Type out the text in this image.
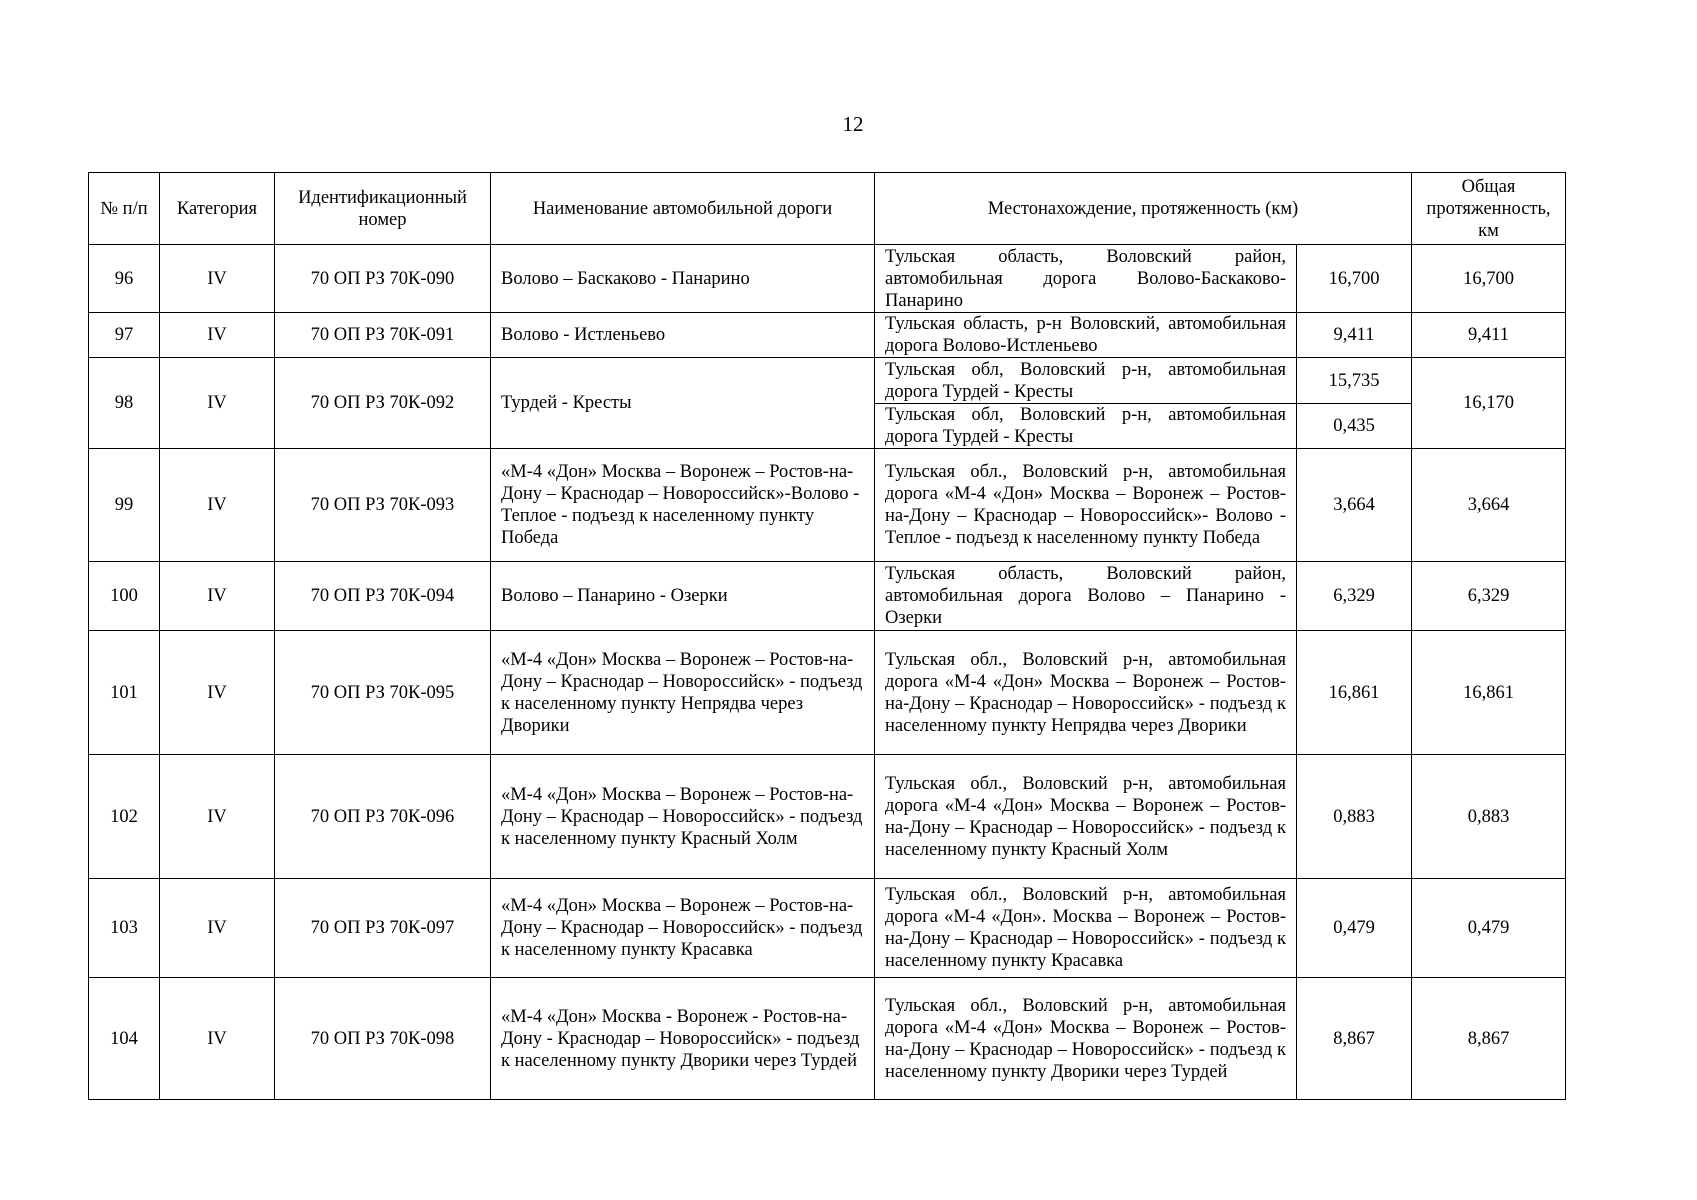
12
№ п/п	Категория	Идентификационный номер	Наименование автомобильной дороги	Местонахождение, протяженность (км)		Общая протяженность, км
96	IV	70 ОП РЗ 70К-090	Волово – Баскаково - Панарино	Тульская область, Воловский район, автомобильная дорога Волово-Баскаково-Панарино	16,700	16,700
97	IV	70 ОП РЗ 70К-091	Волово - Истленьево	Тульская область, р-н Воловский, автомобильная дорога Волово-Истленьево	9,411	9,411
98	IV	70 ОП РЗ 70К-092	Турдей - Кресты	Тульская обл, Воловский р-н, автомобильная дорога Турдей - Кресты	15,735	16,170
				Тульская обл, Воловский р-н, автомобильная дорога Турдей - Кресты	0,435	
99	IV	70 ОП РЗ 70К-093	«М-4 «Дон» Москва – Воронеж – Ростов-на-Дону – Краснодар – Новороссийск»-Волово - Теплое - подъезд к населенному пункту Победа	Тульская обл., Воловский р-н, автомобильная дорога «М-4 «Дон» Москва – Воронеж – Ростов-на-Дону – Краснодар – Новороссийск»- Волово - Теплое - подъезд к населенному пункту Победа	3,664	3,664
100	IV	70 ОП РЗ 70К-094	Волово – Панарино - Озерки	Тульская область, Воловский район, автомобильная дорога Волово – Панарино - Озерки	6,329	6,329
101	IV	70 ОП РЗ 70К-095	«М-4 «Дон» Москва – Воронеж – Ростов-на-Дону – Краснодар – Новороссийск» - подъезд к населенному пункту Непрядва через Дворики	Тульская обл., Воловский р-н, автомобильная дорога «М-4 «Дон» Москва – Воронеж – Ростов-на-Дону – Краснодар – Новороссийск» - подъезд к населенному пункту Непрядва через Дворики	16,861	16,861
102	IV	70 ОП РЗ 70К-096	«М-4 «Дон» Москва – Воронеж – Ростов-на-Дону – Краснодар – Новороссийск» - подъезд к населенному пункту Красный Холм	Тульская обл., Воловский р-н, автомобильная дорога «М-4 «Дон» Москва – Воронеж – Ростов-на-Дону – Краснодар – Новороссийск» - подъезд к населенному пункту Красный Холм	0,883	0,883
103	IV	70 ОП РЗ 70К-097	«М-4 «Дон» Москва – Воронеж – Ростов-на-Дону – Краснодар – Новороссийск» - подъезд к населенному пункту Красавка	Тульская обл., Воловский р-н, автомобильная дорога «М-4 «Дон». Москва – Воронеж – Ростов-на-Дону – Краснодар – Новороссийск» - подъезд к населенному пункту Красавка	0,479	0,479
104	IV	70 ОП РЗ 70К-098	«М-4 «Дон» Москва - Воронеж - Ростов-на-Дону - Краснодар – Новороссийск» - подъезд к населенному пункту Дворики через Турдей	Тульская обл., Воловский р-н, автомобильная дорога «М-4 «Дон» Москва – Воронеж – Ростов-на-Дону – Краснодар – Новороссийск» - подъезд к населенному пункту Дворики через Турдей	8,867	8,867
